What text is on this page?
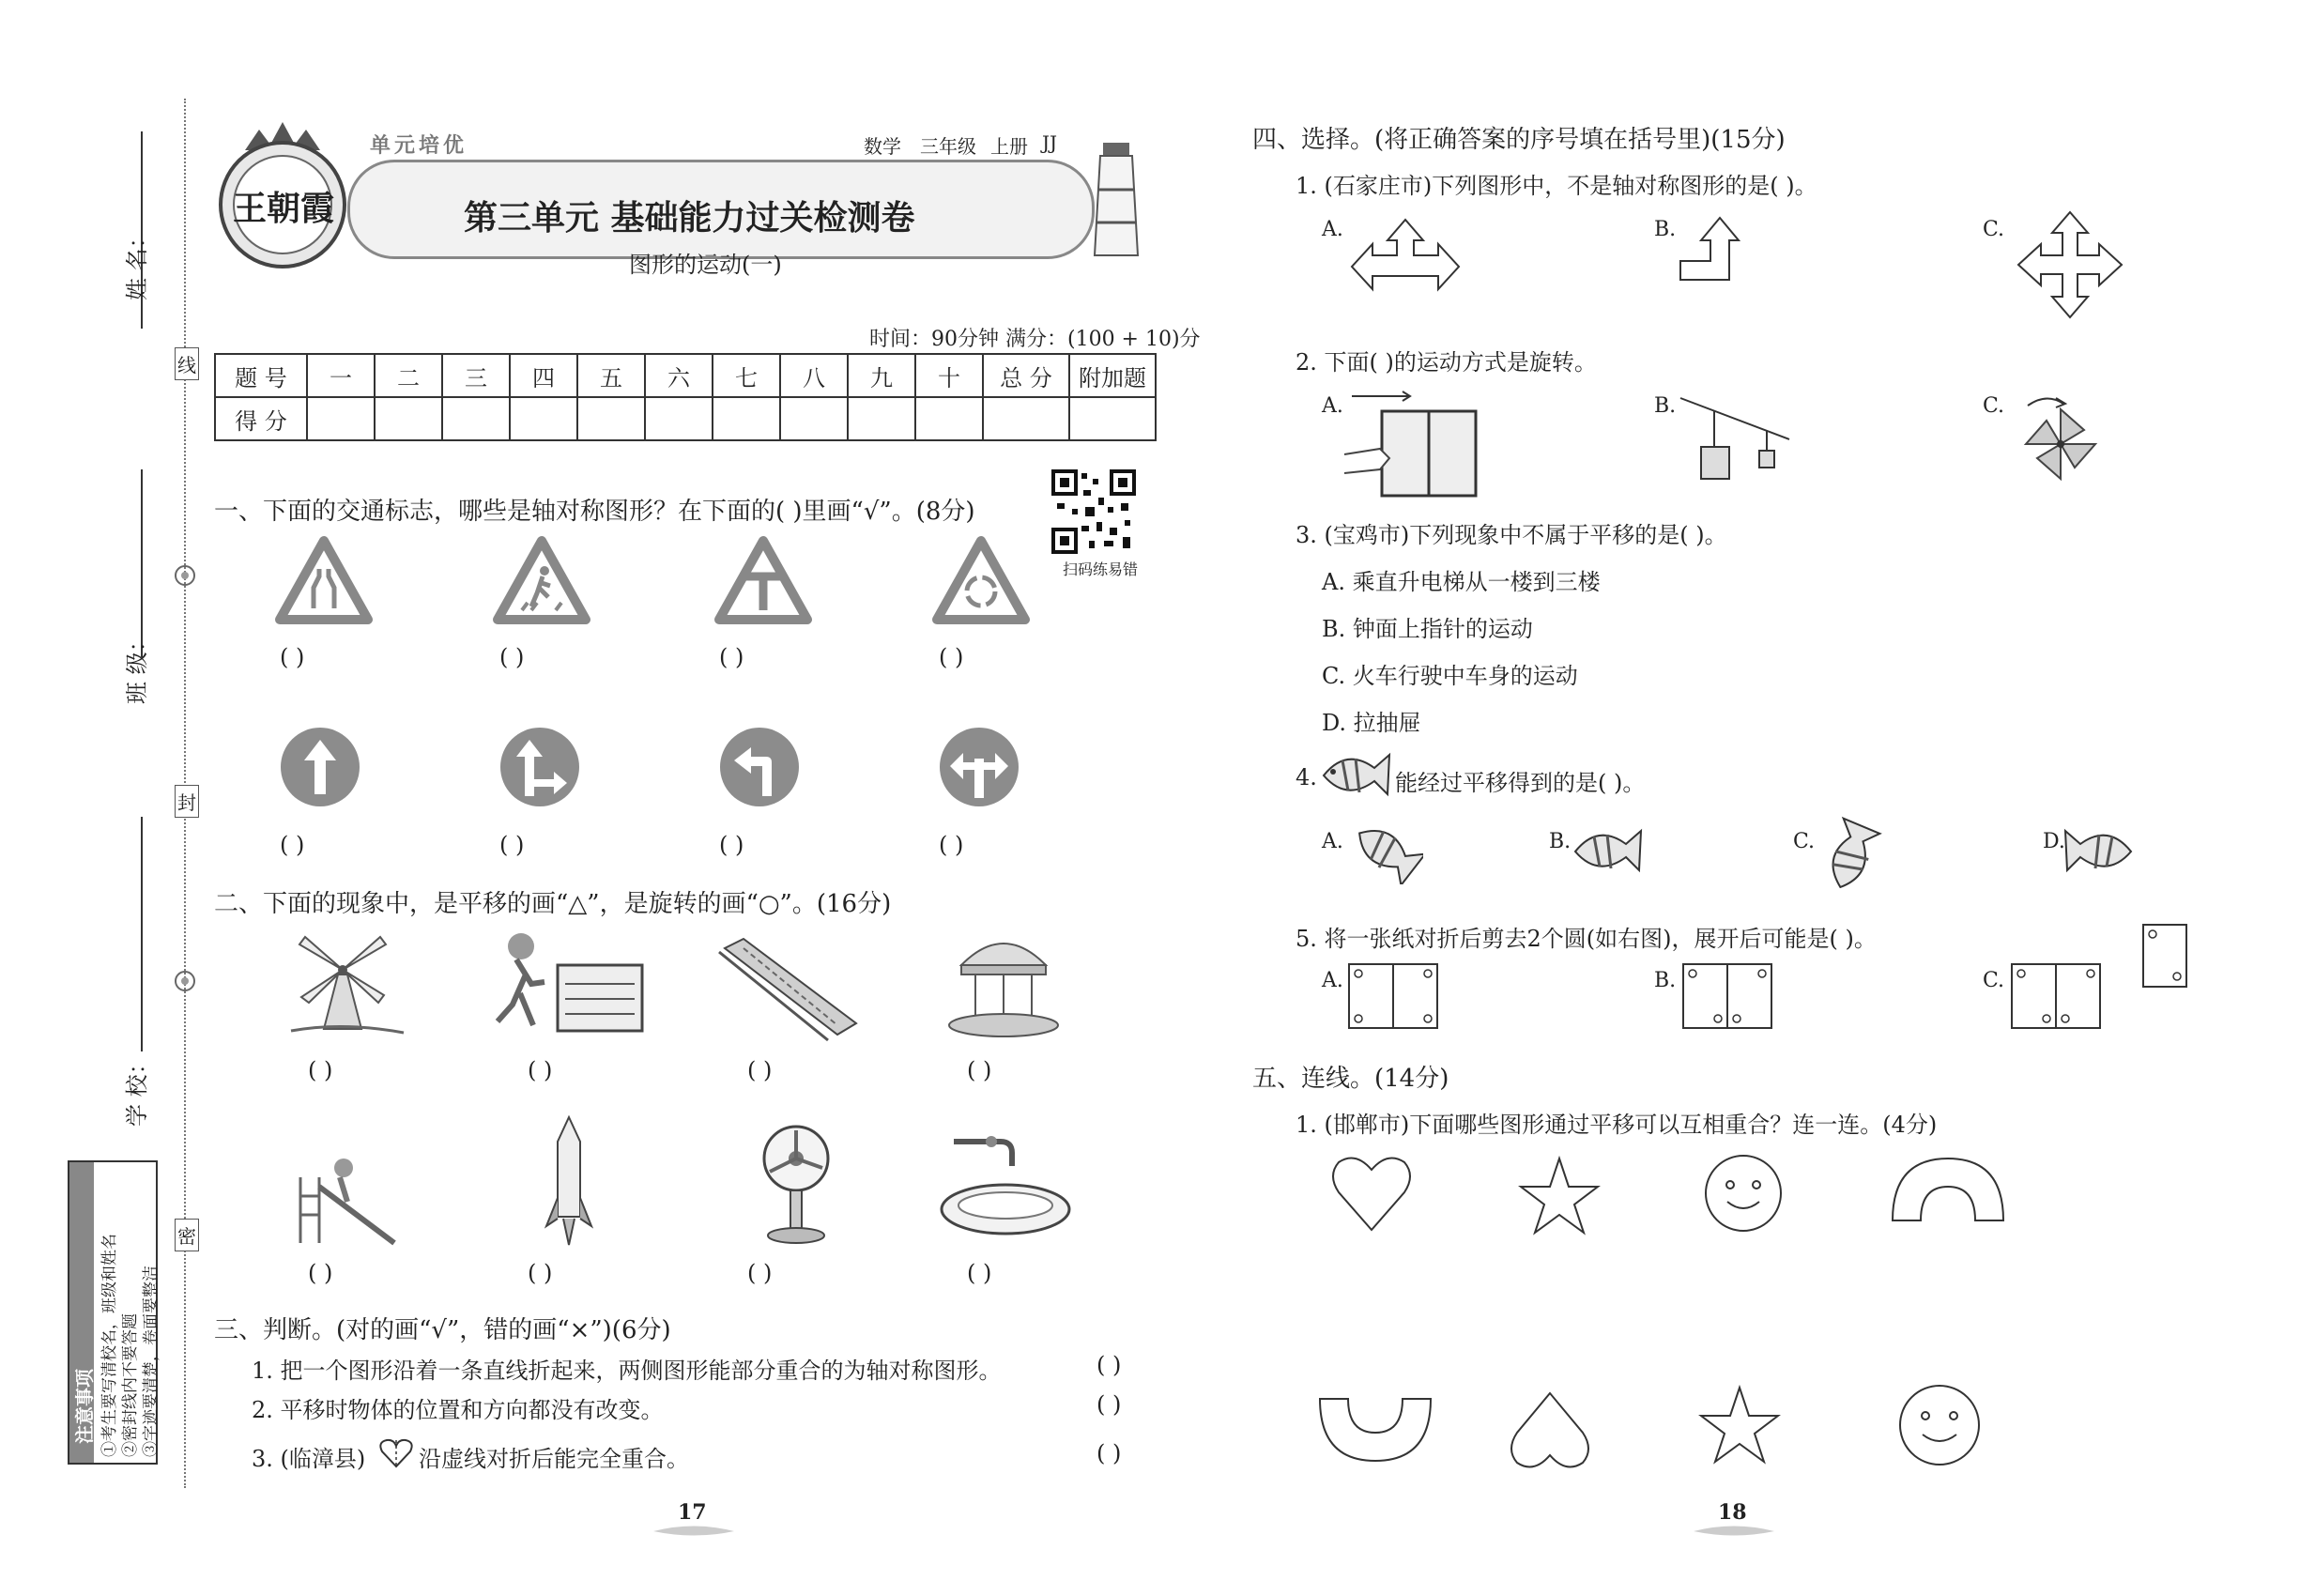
姓 名：
班 级：
学 校：
线
封
密
注意事项 ①考生要写清校名，班级和姓名 ②密封线内不要答题 ③字迹要清楚，卷面要整洁
王朝霞
单元培优	数学 三年级 上册 JJ
第三单元 基础能力过关检测卷
图形的运动(一)
时间：90分钟 满分：(100 + 10)分
题 号	一	二	三	四	五	六	七	八	九	十	总 分	附加题
得 分												
扫码练易错
一、下面的交通标志，哪些是轴对称图形？在下面的( )里画“√”。(8分)
( )	( )	( )	( )
( )	( )	( )	( )
二、下面的现象中，是平移的画“△”，是旋转的画“○”。(16分)
( )	( )	( )	( )
( )	( )	( )	( )
三、判断。(对的画“√”，错的画“×”)(6分)
1. 把一个图形沿着一条直线折起来，两侧图形能部分重合的为轴对称图形。	( )
2. 平移时物体的位置和方向都没有改变。	( )
3. (临漳县) 沿虚线对折后能完全重合。	( )
17	18
四、选择。(将正确答案的序号填在括号里)(15分)
1. (石家庄市)下列图形中，不是轴对称图形的是( )。
A.	B.	C.
2. 下面( )的运动方式是旋转。
A.	B.	C.
3. (宝鸡市)下列现象中不属于平移的是( )。
A. 乘直升电梯从一楼到三楼
B. 钟面上指针的运动
C. 火车行驶中车身的运动
D. 拉抽屉
4.	能经过平移得到的是( )。
A.	B.	C.	D.
5. 将一张纸对折后剪去2个圆(如右图)，展开后可能是( )。
A.	B.	C.
五、连线。(14分)
1. (邯郸市)下面哪些图形通过平移可以互相重合？连一连。(4分)
